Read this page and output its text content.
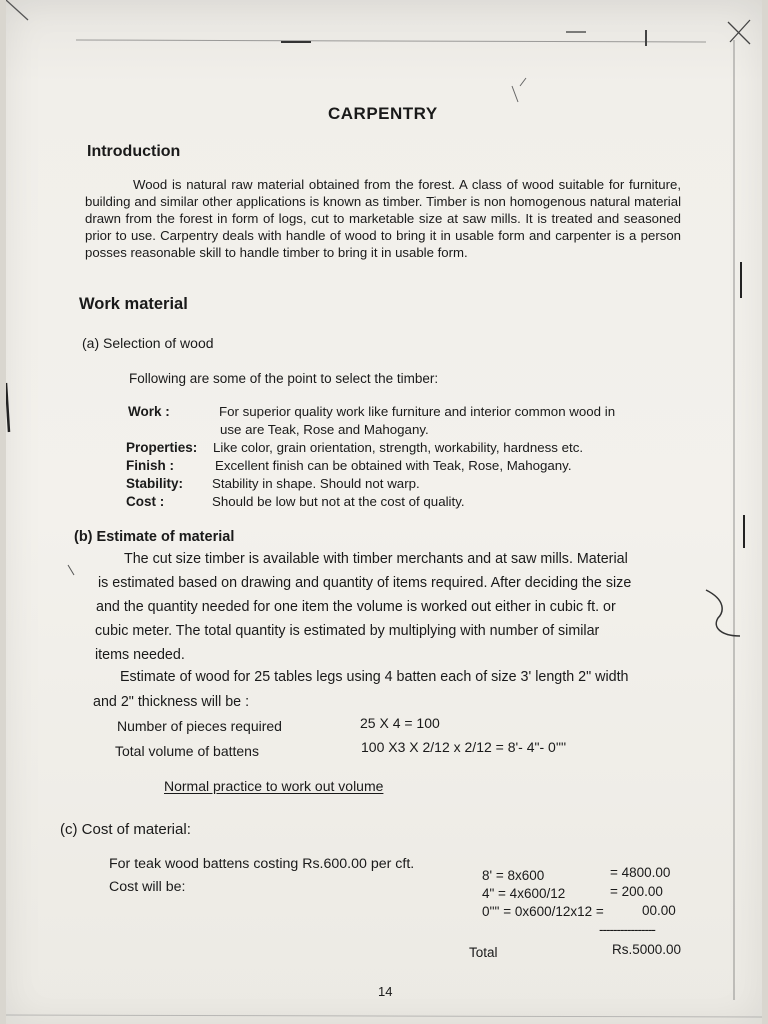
CARPENTRY
Introduction
Wood is natural raw material obtained from the forest. A class of wood suitable for furniture, building and similar other applications is known as timber. Timber is non homogenous natural material drawn from the forest in form of logs, cut to marketable size at saw mills. It is treated and seasoned prior to use. Carpentry deals with handle of wood to bring it in usable form and carpenter is a person posses reasonable skill to handle timber to bring it in usable form.
Work material
(a) Selection of wood
Following are some of the point to select the timber:
Work :	For superior quality work like furniture and interior common wood in
use are Teak, Rose and Mahogany.
Properties: Like color, grain orientation, strength, workability, hardness etc.
Finish :	Excellent finish can be obtained with Teak, Rose, Mahogany.
Stability: Stability in shape. Should not warp.
Cost :	Should be low but not at the cost of quality.
(b) Estimate of material
The cut size timber is available with timber merchants and at saw mills. Material
is estimated based on drawing and quantity of items required. After deciding the size
and the quantity needed for one item the volume is worked out either in cubic ft. or
cubic meter. The total quantity is estimated by multiplying with number of similar
items needed.
Estimate of wood for 25 tables legs using 4 batten each of size 3' length 2" width
and 2" thickness will be :
Number of pieces required	25 X 4 = 100
Total volume of battens	100 X3 X 2/12 x 2/12 = 8'- 4"- 0'"'
Normal practice to work out volume
(c) Cost of material:
For teak wood battens costing Rs.600.00 per cft.
Cost will be:
8' = 8x600	= 4800.00
4" = 4x600/12	= 200.00
0'"' = 0x600/12x12 =	00.00
----------------
Total	Rs.5000.00
14
